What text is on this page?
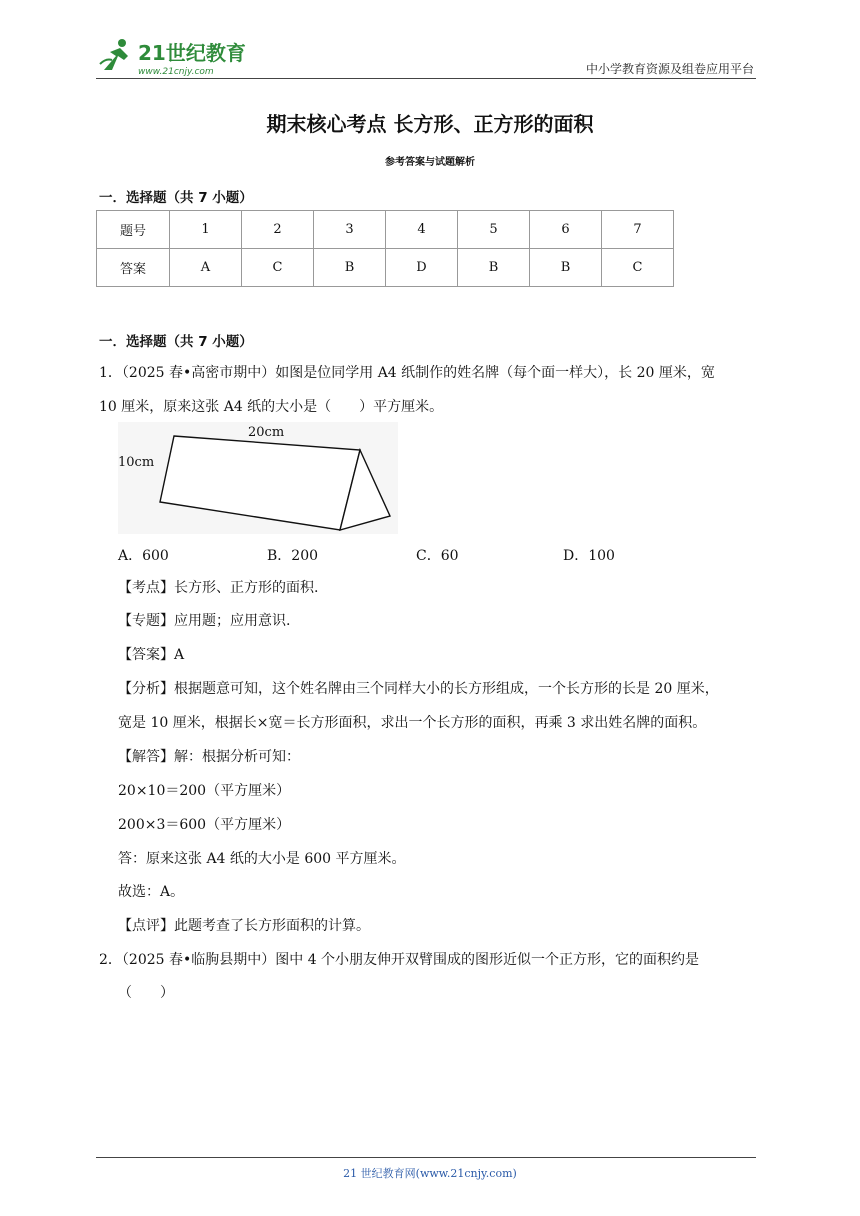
21世纪教育
www.21cnjy.com	中小学教育资源及组卷应用平台
期末核心考点 长方形、正方形的面积
参考答案与试题解析
一．选择题（共 7 小题）
题号	1	2	3	4	5	6	7
答案	A	C	B	D	B	B	C
一．选择题（共 7 小题）
1．（2025 春•高密市期中）如图是位同学用 A4 纸制作的姓名牌（每个面一样大），长 20 厘米，宽
10 厘米，原来这张 A4 纸的大小是（　　）平方厘米。
20cm
10cm
A．600	B．200	C．60	D．100
【考点】长方形、正方形的面积.
【专题】应用题；应用意识.
【答案】A
【分析】根据题意可知，这个姓名牌由三个同样大小的长方形组成，一个长方形的长是 20 厘米，
宽是 10 厘米，根据长×宽＝长方形面积，求出一个长方形的面积，再乘 3 求出姓名牌的面积。
【解答】解：根据分析可知：
20×10＝200（平方厘米）
200×3＝600（平方厘米）
答：原来这张 A4 纸的大小是 600 平方厘米。
故选：A。
【点评】此题考查了长方形面积的计算。
2．（2025 春•临朐县期中）图中 4 个小朋友伸开双臂围成的图形近似一个正方形，它的面积约是
（　　）
21 世纪教育网(www.21cnjy.com)
